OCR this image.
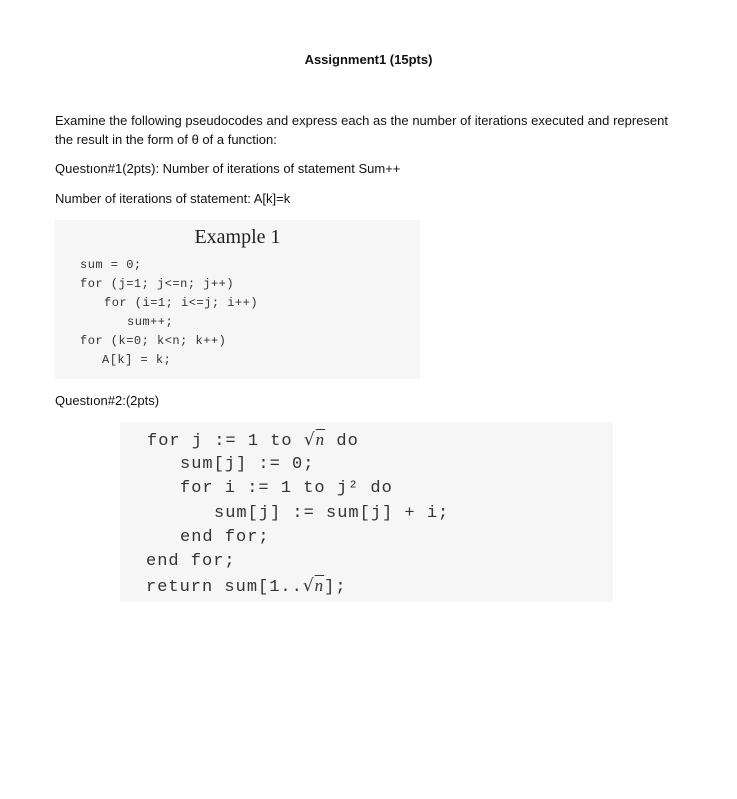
Assignment1 (15pts)
Examine the following pseudocodes and express each as the number of iterations executed and represent the result in the form of θ of a function:
Questıon#1(2pts): Number of iterations of statement Sum++
Number of iterations of statement: A[k]=k
Example 1
sum = 0;
for (j=1; j<=n; j++)
for (i=1; i<=j; i++)
sum++;
for (k=0; k<n; k++)
A[k] = k;
Questıon#2:(2pts)
for j := 1 to √n do
sum[j] := 0;
for i := 1 to j² do
sum[j] := sum[j] + i;
end for;
end for;
return sum[1..√n];
